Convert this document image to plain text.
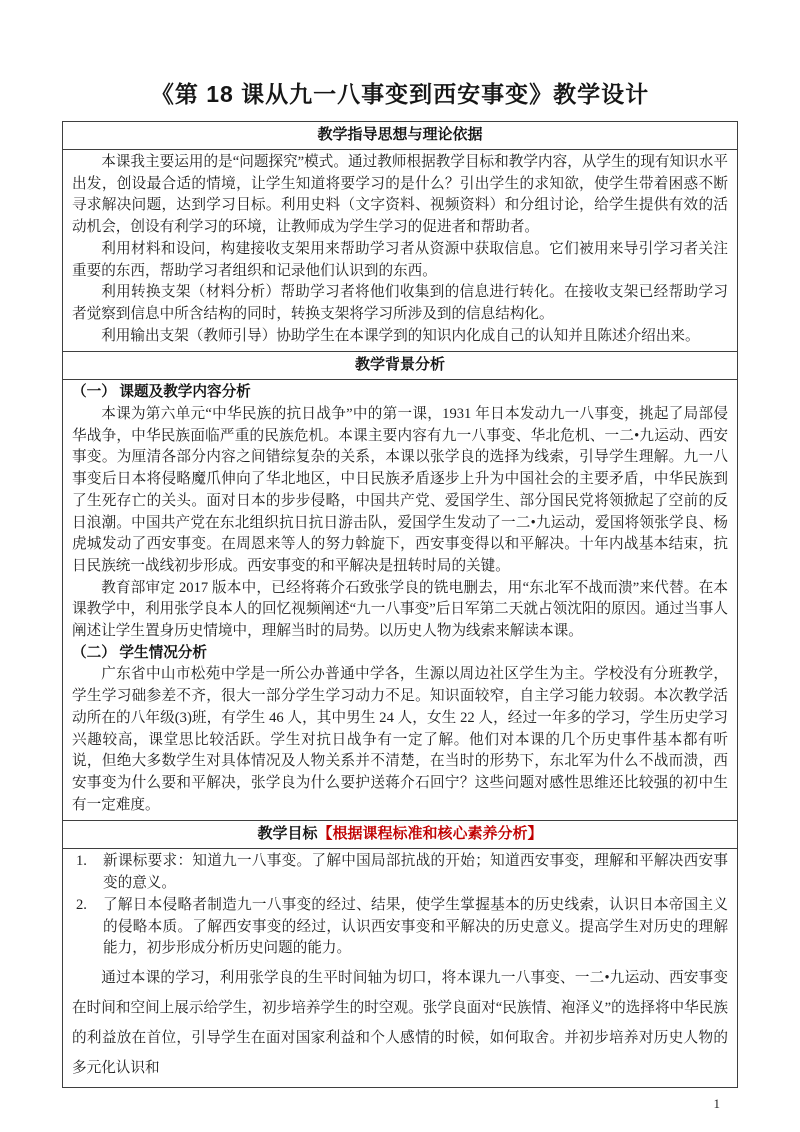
《第 18 课从九一八事变到西安事变》教学设计
教学指导思想与理论依据

本课我主要运用的是“问题探究”模式。通过教师根据教学目标和教学内容，从学生的现有知识水平出发，创设最合适的情境，让学生知道将要学习的是什么？引出学生的求知欲，使学生带着困惑不断寻求解决问题，达到学习目标。利用史料（文字资料、视频资料）和分组讨论，给学生提供有效的活动机会，创设有利学习的环境，让教师成为学生学习的促进者和帮助者。

利用材料和设问，构建接收支架用来帮助学习者从资源中获取信息。它们被用来导引学习者关注重要的东西，帮助学习者组织和记录他们认识到的东西。

利用转换支架（材料分析）帮助学习者将他们收集到的信息进行转化。在接收支架已经帮助学习者觉察到信息中所含结构的同时，转换支架将学习所涉及到的信息结构化。

利用输出支架（教师引导）协助学生在本课学到的知识内化成自己的认知并且陈述介绍出来。

教学背景分析

（一） 课题及教学内容分析

本课为第六单元“中华民族的抗日战争”中的第一课，1931 年日本发动九一八事变，挑起了局部侵华战争，中华民族面临严重的民族危机。本课主要内容有九一八事变、华北危机、一二•九运动、西安事变。为厘清各部分内容之间错综复杂的关系，本课以张学良的选择为线索，引导学生理解。九一八事变后日本将侵略魔爪伸向了华北地区，中日民族矛盾逐步上升为中国社会的主要矛盾，中华民族到了生死存亡的关头。面对日本的步步侵略，中国共产党、爱国学生、部分国民党将领掀起了空前的反日浪潮。中国共产党在东北组织抗日抗日游击队，爱国学生发动了一二•九运动，爱国将领张学良、杨虎城发动了西安事变。在周恩来等人的努力斡旋下，西安事变得以和平解决。十年内战基本结束，抗日民族统一战线初步形成。西安事变的和平解决是扭转时局的关键。

教育部审定 2017 版本中，已经将蒋介石致张学良的铣电删去，用“东北军不战而溃”来代替。在本课教学中，利用张学良本人的回忆视频阐述“九一八事变”后日军第二天就占领沈阳的原因。通过当事人阐述让学生置身历史情境中，理解当时的局势。以历史人物为线索来解读本课。

（二） 学生情况分析

广东省中山市松苑中学是一所公办普通中学各，生源以周边社区学生为主。学校没有分班教学，学生学习础参差不齐，很大一部分学生学习动力不足。知识面较窄，自主学习能力较弱。本次教学活动所在的八年级(3)班，有学生 46 人，其中男生 24 人，女生 22 人，经过一年多的学习，学生历史学习兴趣较高，课堂思比较活跃。学生对抗日战争有一定了解。他们对本课的几个历史事件基本都有听说，但绝大多数学生对具体情况及人物关系并不清楚，在当时的形势下，东北军为什么不战而溃，西安事变为什么要和平解决，张学良为什么要护送蒋介石回宁？这些问题对感性思维还比较强的初中生有一定难度。

教学目标【根据课程标准和核心素养分析】
1. 新课标要求：知道九一八事变。了解中国局部抗战的开始；知道西安事变，理解和平解决西安事变的意义。
2. 了解日本侵略者制造九一八事变的经过、结果，使学生掌握基本的历史线索，认识日本帝国主义的侵略本质。了解西安事变的经过，认识西安事变和平解决的历史意义。提高学生对历史的理解能力，初步形成分析历史问题的能力。

通过本课的学习，利用张学良的生平时间轴为切口，将本课九一八事变、一二•九运动、西安事变在时间和空间上展示给学生，初步培养学生的时空观。张学良面对“民族情、袍泽义”的选择将中华民族的利益放在首位，引导学生在面对国家利益和个人感情的时候，如何取舍。并初步培养对历史人物的多元化认识和

1
